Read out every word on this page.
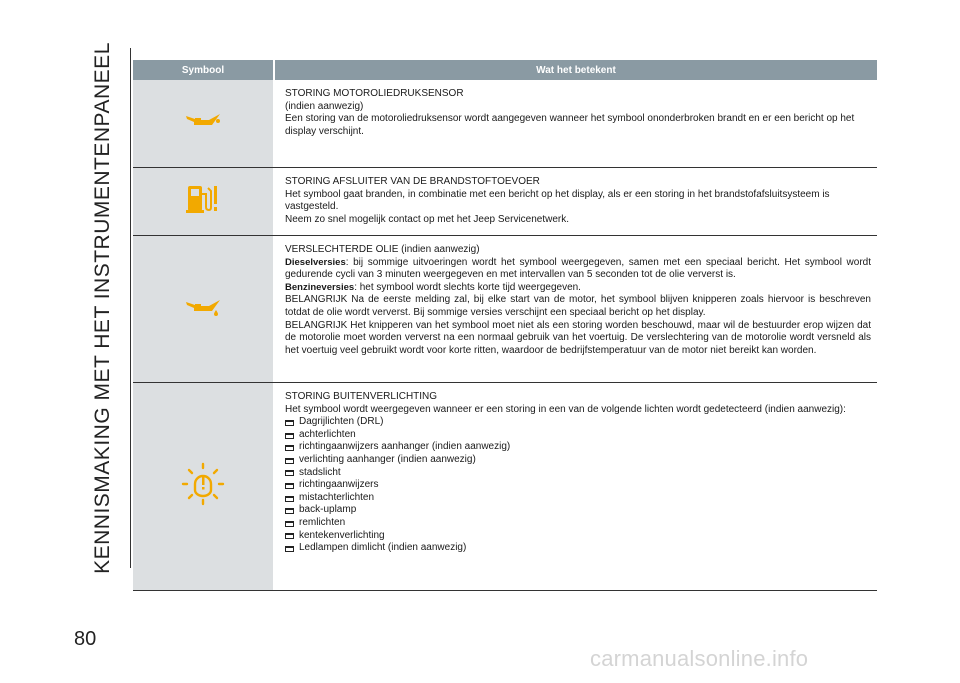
KENNISMAKING MET HET INSTRUMENTENPANEEL
80
carmanualsonline.info
Symbool	Wat het betekent

STORING MOTOROLIEDRUKSENSOR

(indien aanwezig)

Een storing van de motoroliedruksensor wordt aangegeven wanneer het symbool ononderbroken brandt en er een bericht op het display verschijnt.

STORING AFSLUITER VAN DE BRANDSTOFTOEVOER

Het symbool gaat branden, in combinatie met een bericht op het display, als er een storing in het brandstofafsluitsysteem is vastgesteld.

Neem zo snel mogelijk contact op met het Jeep Servicenetwerk.

VERSLECHTERDE OLIE (indien aanwezig)

Dieselversies: bij sommige uitvoeringen wordt het symbool weergegeven, samen met een speciaal bericht. Het symbool wordt gedurende cycli van 3 minuten weergegeven en met intervallen van 5 seconden tot de olie ververst is.

Benzineversies: het symbool wordt slechts korte tijd weergegeven.

BELANGRIJK Na de eerste melding zal, bij elke start van de motor, het symbool blijven knipperen zoals hiervoor is beschreven totdat de olie wordt ververst. Bij sommige versies verschijnt een speciaal bericht op het display.

BELANGRIJK Het knipperen van het symbool moet niet als een storing worden beschouwd, maar wil de bestuurder erop wijzen dat de motorolie moet worden ververst na een normaal gebruik van het voertuig. De verslechtering van de motorolie wordt versneld als het voertuig veel gebruikt wordt voor korte ritten, waardoor de bedrijfstemperatuur van de motor niet bereikt kan worden.

STORING BUITENVERLICHTING

Het symbool wordt weergegeven wanneer er een storing in een van de volgende lichten wordt gedetecteerd (indien aanwezig):

Dagrijlichten (DRL)
achterlichten
richtingaanwijzers aanhanger (indien aanwezig)
verlichting aanhanger (indien aanwezig)
stadslicht
richtingaanwijzers
mistachterlichten
back-uplamp
remlichten
kentekenverlichting
Ledlampen dimlicht (indien aanwezig)
